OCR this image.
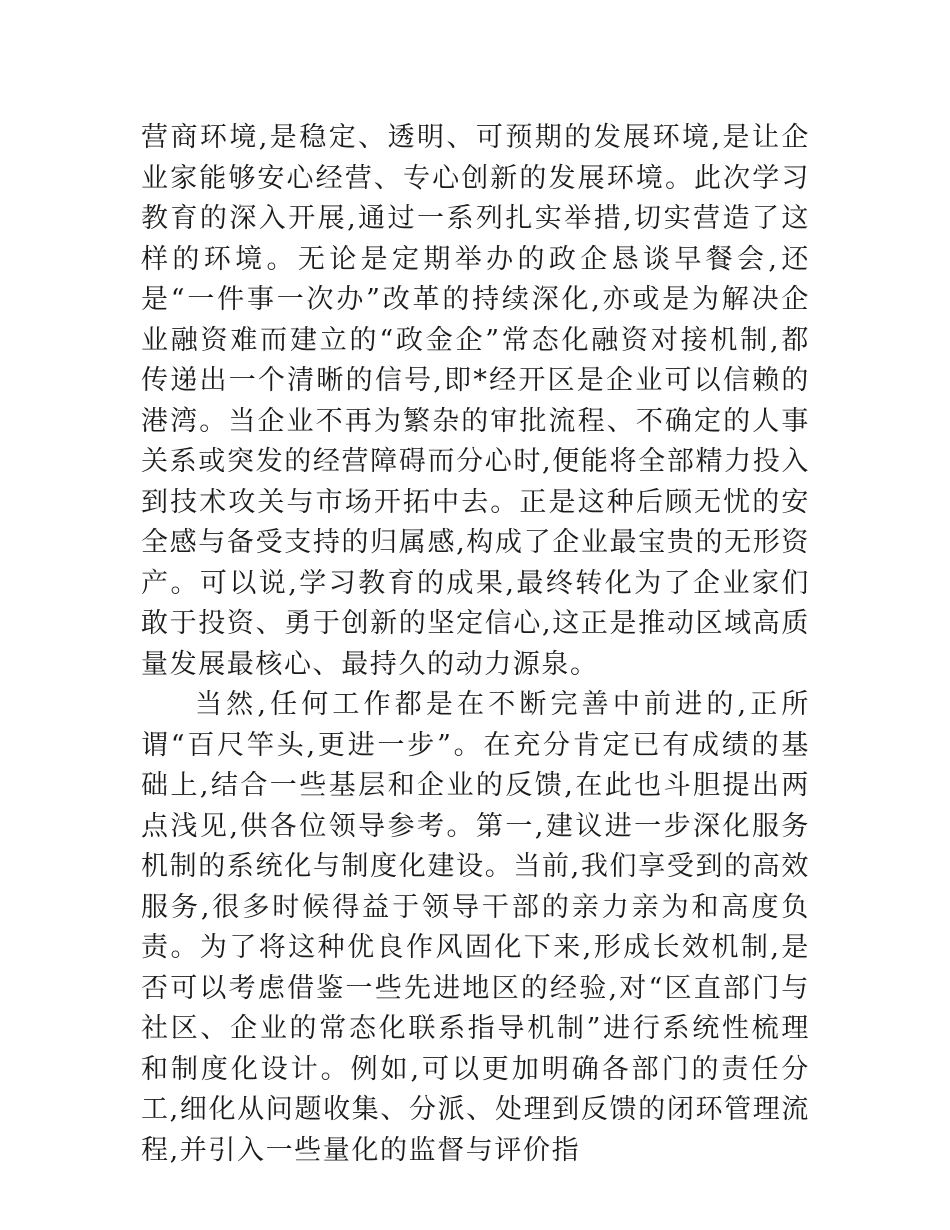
营商环境,是稳定、透明、可预期的发展环境,是让企业家能够安心经营、专心创新的发展环境。此次学习教育的深入开展,通过一系列扎实举措,切实营造了这样的环境。无论是定期举办的政企恳谈早餐会,还是“一件事一次办”改革的持续深化,亦或是为解决企业融资难而建立的“政金企”常态化融资对接机制,都传递出一个清晰的信号,即*经开区是企业可以信赖的港湾。当企业不再为繁杂的审批流程、不确定的人事关系或突发的经营障碍而分心时,便能将全部精力投入到技术攻关与市场开拓中去。正是这种后顾无忧的安全感与备受支持的归属感,构成了企业最宝贵的无形资产。可以说,学习教育的成果,最终转化为了企业家们敢于投资、勇于创新的坚定信心,这正是推动区域高质量发展最核心、最持久的动力源泉。

当然,任何工作都是在不断完善中前进的,正所谓“百尺竿头,更进一步”。在充分肯定已有成绩的基础上,结合一些基层和企业的反馈,在此也斗胆提出两点浅见,供各位领导参考。第一,建议进一步深化服务机制的系统化与制度化建设。当前,我们享受到的高效服务,很多时候得益于领导干部的亲力亲为和高度负责。为了将这种优良作风固化下来,形成长效机制,是否可以考虑借鉴一些先进地区的经验,对“区直部门与社区、企业的常态化联系指导机制”进行系统性梳理和制度化设计。例如,可以更加明确各部门的责任分工,细化从问题收集、分派、处理到反馈的闭环管理流程,并引入一些量化的监督与评价指
